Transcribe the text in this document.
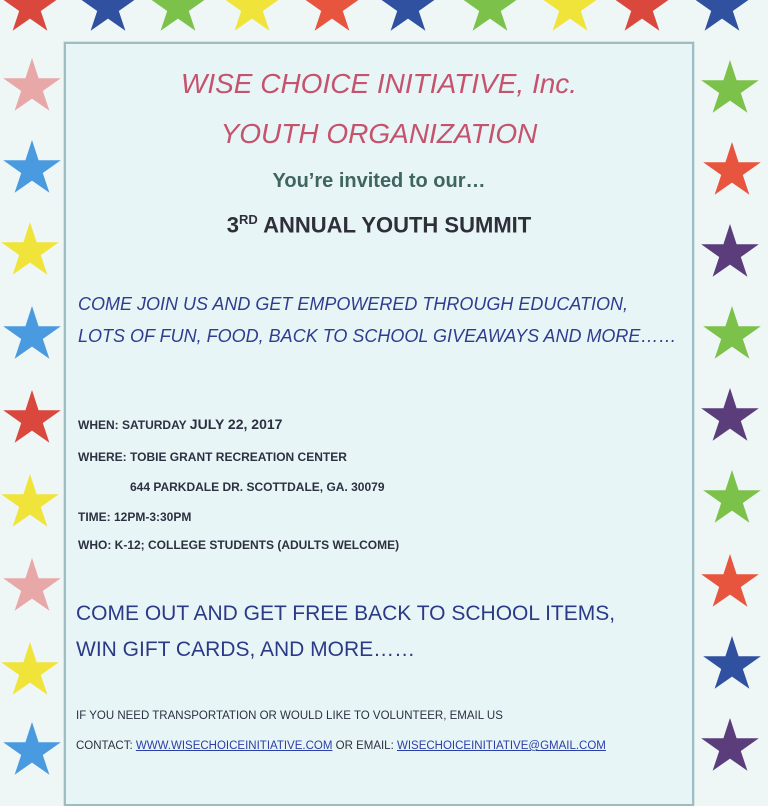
WISE CHOICE INITIATIVE, Inc.
YOUTH ORGANIZATION
You’re invited to our…
3RD ANNUAL YOUTH SUMMIT
COME JOIN US AND GET EMPOWERED THROUGH EDUCATION, LOTS OF FUN, FOOD, BACK TO SCHOOL GIVEAWAYS AND MORE……
WHEN: SATURDAY JULY 22, 2017
WHERE: TOBIE GRANT RECREATION CENTER
644 PARKDALE DR. SCOTTDALE, GA. 30079
TIME: 12PM-3:30PM
WHO: K-12; COLLEGE STUDENTS (ADULTS WELCOME)
COME OUT AND GET FREE BACK TO SCHOOL ITEMS,
WIN GIFT CARDS, AND MORE……
IF YOU NEED TRANSPORTATION OR WOULD LIKE TO VOLUNTEER, EMAIL US
CONTACT: WWW.WISECHOICEINITIATIVE.COM OR EMAIL: WISECHOICEINITIATIVE@GMAIL.COM
